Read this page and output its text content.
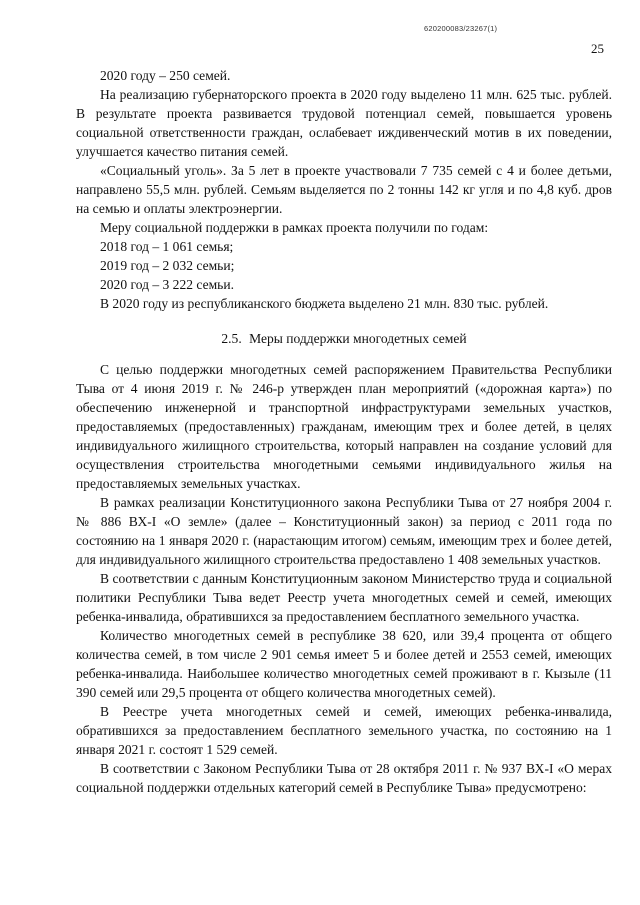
620200083/23267(1)
25

2020 году – 250 семей.

На реализацию губернаторского проекта в 2020 году выделено 11 млн. 625 тыс. рублей. В результате проекта развивается трудовой потенциал семей, повышается уровень социальной ответственности граждан, ослабевает иждивенческий мотив в их поведении, улучшается качество питания семей.

«Социальный уголь». За 5 лет в проекте участвовали 7 735 семей с 4 и более детьми, направлено 55,5 млн. рублей. Семьям выделяется по 2 тонны 142 кг угля и по 4,8 куб. дров на семью и оплаты электроэнергии.

Меру социальной поддержки в рамках проекта получили по годам:

2018 год – 1 061 семья;

2019 год – 2 032 семьи;

2020 год – 3 222 семьи.

В 2020 году из республиканского бюджета выделено 21 млн. 830 тыс. рублей.

2.5. Меры поддержки многодетных семей

С целью поддержки многодетных семей распоряжением Правительства Республики Тыва от 4 июня 2019 г. № 246-р утвержден план мероприятий («дорожная карта») по обеспечению инженерной и транспортной инфраструктурами земельных участков, предоставляемых (предоставленных) гражданам, имеющим трех и более детей, в целях индивидуального жилищного строительства, который направлен на создание условий для осуществления строительства многодетными семьями индивидуального жилья на предоставляемых земельных участках.

В рамках реализации Конституционного закона Республики Тыва от 27 ноября 2004 г. № 886 ВХ-I «О земле» (далее – Конституционный закон) за период с 2011 года по состоянию на 1 января 2020 г. (нарастающим итогом) семьям, имеющим трех и более детей, для индивидуального жилищного строительства предоставлено 1 408 земельных участков.

В соответствии с данным Конституционным законом Министерство труда и социальной политики Республики Тыва ведет Реестр учета многодетных семей и семей, имеющих ребенка-инвалида, обратившихся за предоставлением бесплатного земельного участка.

Количество многодетных семей в республике 38 620, или 39,4 процента от общего количества семей, в том числе 2 901 семья имеет 5 и более детей и 2553 семей, имеющих ребенка-инвалида. Наибольшее количество многодетных семей проживают в г. Кызыле (11 390 семей или 29,5 процента от общего количества многодетных семей).

В Реестре учета многодетных семей и семей, имеющих ребенка-инвалида, обратившихся за предоставлением бесплатного земельного участка, по состоянию на 1 января 2021 г. состоят 1 529 семей.

В соответствии с Законом Республики Тыва от 28 октября 2011 г. № 937 ВХ-I «О мерах социальной поддержки отдельных категорий семей в Республике Тыва» предусмотрено:
